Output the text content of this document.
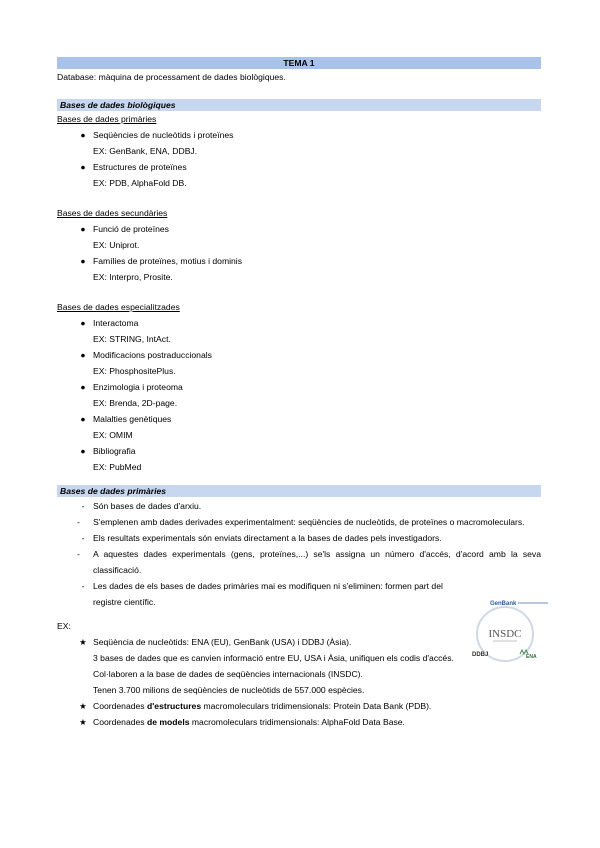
TEMA 1
Database: màquina de processament de dades biològiques.
Bases de dades biològiques
Bases de dades primàries
● Seqüències de nucleòtids i proteïnes
EX: GenBank, ENA, DDBJ.
● Estructures de proteïnes
EX: PDB, AlphaFold DB.
Bases de dades secundàries
● Funció de proteïnes
EX: Uniprot.
● Famílies de proteïnes, motius i dominis
EX: Interpro, Prosite.
Bases de dades especialitzades
● Interactoma
EX: STRING, IntAct.
● Modificacions postraduccionals
EX: PhosphositePlus.
● Enzimologia i proteoma
EX: Brenda, 2D-page.
● Malalties genètiques
EX: OMIM
● Bibliografia
EX: PubMed
Bases de dades primàries
- Són bases de dades d'arxiu.
-	S'emplenen amb dades derivades experimentalment: seqüències de nucleòtids, de proteïnes o macromoleculars.
- Els resultats experimentals són enviats directament a la bases de dades pels investigadors.
-	A aquestes dades experimentals (gens, proteïnes,...) se'ls assigna un número d'accés, d'acord amb la seva classificació.
- Les dades de els bases de dades primàries mai es modifiquen ni s'eliminen: formen part del registre científic.
EX:
★ Seqüència de nucleòtids: ENA (EU), GenBank (USA) i DDBJ (Àsia).
3 bases de dades que es canvien informació entre EU, USA i Àsia, unifiquen els codis d'accés.
Col·laboren a la base de dades de seqüències internacionals (INSDC).
Tenen 3.700 milions de seqüències de nucleòtids de 557.000 espècies.
★ Coordenades d'estructures macromoleculars tridimensionals: Protein Data Bank (PDB).
★ Coordenades de models macromoleculars tridimensionals: AlphaFold Data Base.
GenBank
INSDC
DDBJ	ENA
